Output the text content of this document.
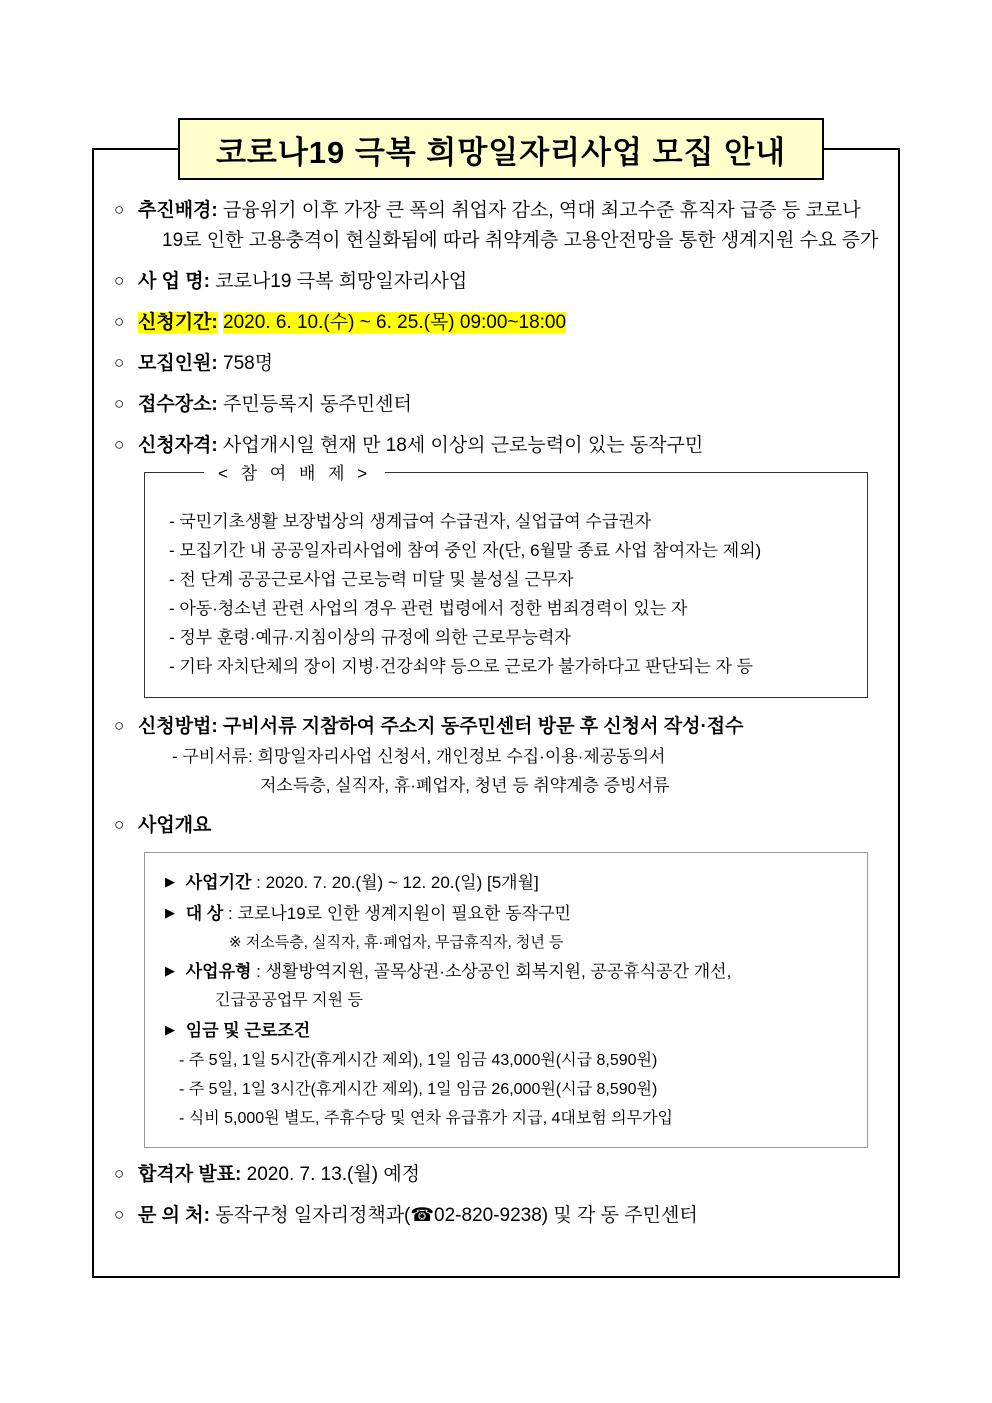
코로나19 극복 희망일자리사업 모집 안내
○ 추진배경: 금융위기 이후 가장 큰 폭의 취업자 감소, 역대 최고수준 휴직자 급증 등 코로나
19로 인한 고용충격이 현실화됨에 따라 취약계층 고용안전망을 통한 생계지원 수요 증가
○ 사 업 명: 코로나19 극복 희망일자리사업
○ 신청기간: 2020. 6. 10.(수) ~ 6. 25.(목) 09:00~18:00
○ 모집인원: 758명
○ 접수장소: 주민등록지 동주민센터
○ 신청자격: 사업개시일 현재 만 18세 이상의 근로능력이 있는 동작구민
< 참 여 배 제 >
- 국민기초생활 보장법상의 생계급여 수급권자, 실업급여 수급권자
- 모집기간 내 공공일자리사업에 참여 중인 자(단, 6월말 종료 사업 참여자는 제외)
- 전 단계 공공근로사업 근로능력 미달 및 불성실 근무자
- 아동·청소년 관련 사업의 경우 관련 법령에서 정한 범죄경력이 있는 자
- 정부 훈령·예규·지침이상의 규정에 의한 근로무능력자
- 기타 자치단체의 장이 지병·건강쇠약 등으로 근로가 불가하다고 판단되는 자 등
○ 신청방법: 구비서류 지참하여 주소지 동주민센터 방문 후 신청서 작성·접수
- 구비서류: 희망일자리사업 신청서, 개인정보 수집·이용·제공동의서
저소득층, 실직자, 휴·폐업자, 청년 등 취약계층 증빙서류
○ 사업개요
▶ 사업기간 : 2020. 7. 20.(월) ~ 12. 20.(일) [5개월]
▶ 대 상 : 코로나19로 인한 생계지원이 필요한 동작구민
※ 저소득층, 실직자, 휴·폐업자, 무급휴직자, 청년 등
▶ 사업유형 : 생활방역지원, 골목상권·소상공인 회복지원, 공공휴식공간 개선,
긴급공공업무 지원 등
▶ 임금 및 근로조건
- 주 5일, 1일 5시간(휴게시간 제외), 1일 임금 43,000원(시급 8,590원)
- 주 5일, 1일 3시간(휴게시간 제외), 1일 임금 26,000원(시급 8,590원)
- 식비 5,000원 별도, 주휴수당 및 연차 유급휴가 지급, 4대보험 의무가입
○ 합격자 발표: 2020. 7. 13.(월) 예정
○ 문 의 처: 동작구청 일자리정책과(☎02-820-9238) 및 각 동 주민센터
